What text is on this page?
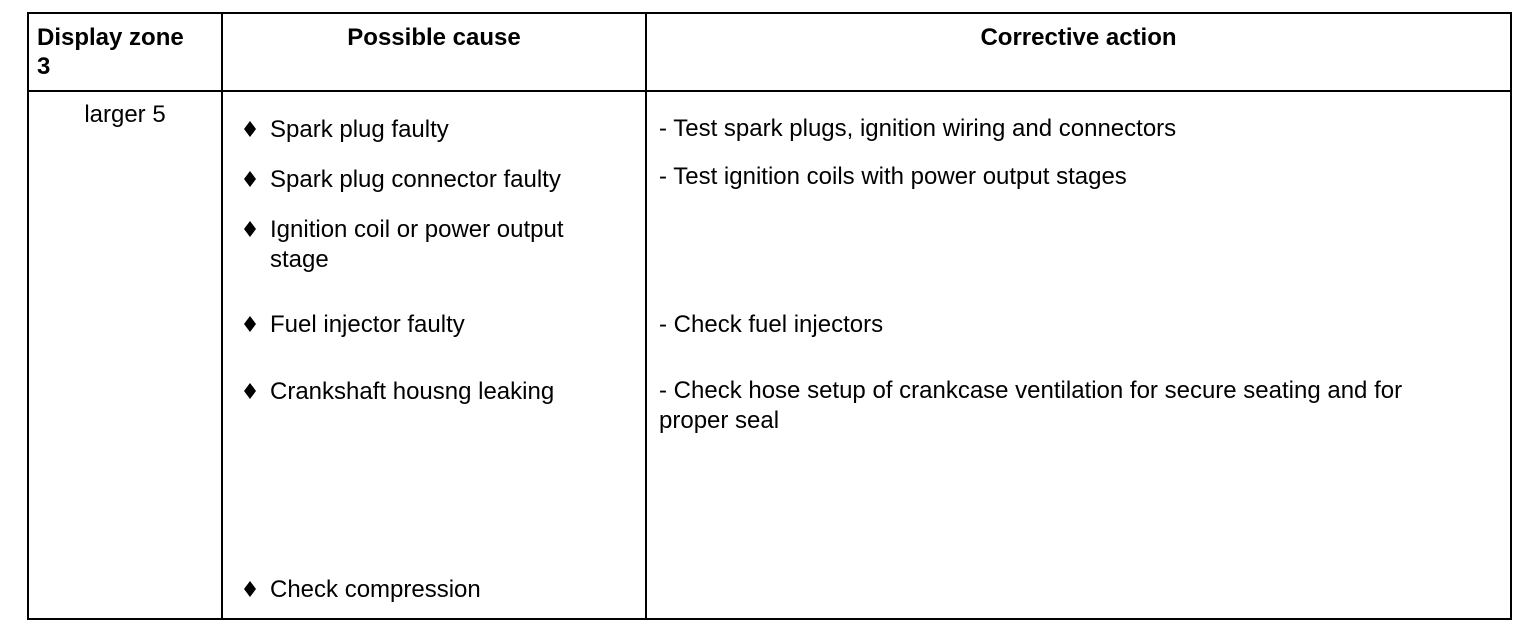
Display zone
3
Possible cause	Corrective action
larger 5
Spark plug faulty
Spark plug connector faulty
Ignition coil or power output
stage
Fuel injector faulty
Crankshaft housng leaking
Check compression
- Test spark plugs, ignition wiring and connectors
- Test ignition coils with power output stages
- Check fuel injectors
- Check hose setup of crankcase ventilation for secure seating and for
proper seal
